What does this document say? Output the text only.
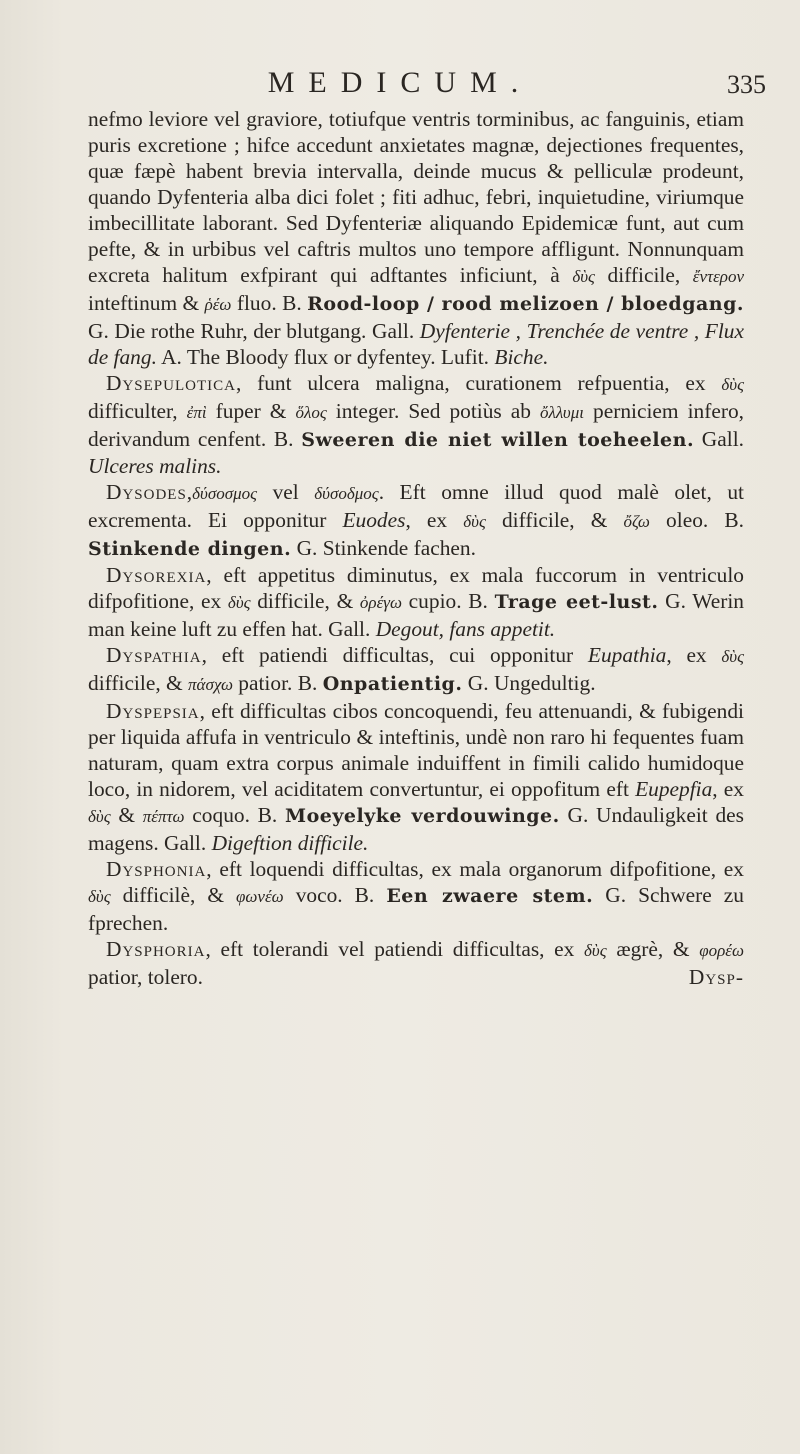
MEDICUM.	335

nefmo leviore vel graviore, totiufque ventris torminibus, ac fanguinis, etiam puris excretione ; hifce accedunt anxietates magnæ, dejectiones frequentes, quæ fæpè habent brevia intervalla, deinde mucus & pelliculæ prodeunt, quando Dyfenteria alba dici folet ; fiti adhuc, febri, inquietudine, viriumque imbecillitate laborant. Sed Dyfenteriæ aliquando Epidemicæ funt, aut cum pefte, & in urbibus vel caftris multos uno tempore affligunt. Nonnunquam excreta halitum exfpirant qui adftantes inficiunt, à δὺς difficile, ἔντερον inteftinum & ῥέω fluo. B. Rood-loop / rood melizoen / bloedgang. G. Die rothe Ruhr, der blutgang. Gall. Dyfenterie , Trenchée de ventre , Flux de fang. A. The Bloody flux or dyfentey. Lufit. Biche.

Dysepulotica, funt ulcera maligna, curationem refpuentia, ex δὺς difficulter, ἐπὶ fuper & ὅλος integer. Sed potiùs ab ὄλλυμι perniciem infero, derivandum cenfent. B. Sweeren die niet willen toeheelen. Gall. Ulceres malins.

Dysodes,δύσοσμος vel δύσοδμος. Eft omne illud quod malè olet, ut excrementa. Ei opponitur Euodes, ex δὺς difficile, & ὄζω oleo. B. Stinkende dingen. G. Stinkende fachen.

Dysorexia, eft appetitus diminutus, ex mala fuccorum in ventriculo difpofitione, ex δὺς difficile, & ὀρέγω cupio. B. Trage eet-lust. G. Werin man keine luft zu effen hat. Gall. Degout, fans appetit.

Dyspathia, eft patiendi difficultas, cui opponitur Eupathia, ex δὺς difficile, & πάσχω patior. B. Onpatientig. G. Ungedultig.

Dyspepsia, eft difficultas cibos concoquendi, feu attenuandi, & fubigendi per liquida affufa in ventriculo & inteftinis, undè non raro hi fequentes fuam naturam, quam extra corpus animale induiffent in fimili calido humidoque loco, in nidorem, vel aciditatem convertuntur, ei oppofitum eft Eupepfia, ex δὺς & πέπτω coquo. B. Moeyelyke verdouwinge. G. Undauligkeit des magens. Gall. Digeftion difficile.

Dysphonia, eft loquendi difficultas, ex mala organorum difpofitione, ex δὺς difficilè, & φωνέω voco. B. Een zwaere stem. G. Schwere zu fprechen.

Dysphoria, eft tolerandi vel patiendi difficultas, ex δὺς ægrè, & φορέω patior, tolero.	Dysp-
